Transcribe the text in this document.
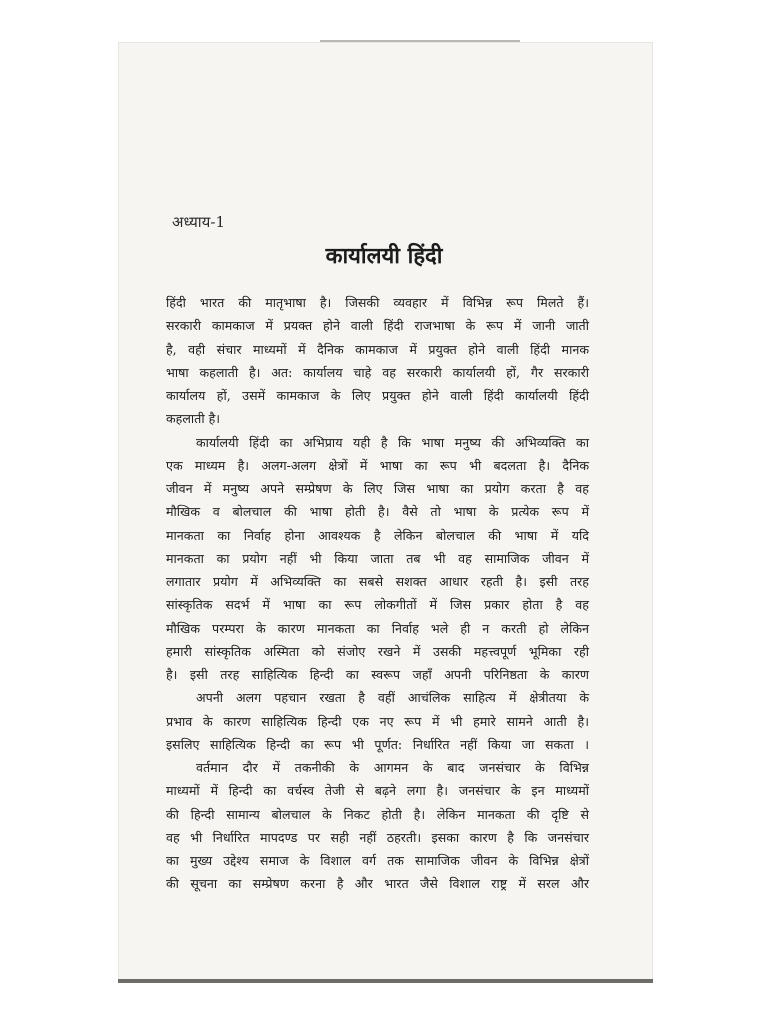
अध्याय-1
कार्यालयी हिंदी
हिंदी भारत की मातृभाषा है। जिसकी व्यवहार में विभिन्न रूप मिलते हैं।
सरकारी कामकाज में प्रयक्त होने वाली हिंदी राजभाषा के रूप में जानी जाती
है, वही संचार माध्यमों में दैनिक कामकाज में प्रयुक्त होने वाली हिंदी मानक
भाषा कहलाती है। अत: कार्यालय चाहे वह सरकारी कार्यालयी हों, गैर सरकारी
कार्यालय हों, उसमें कामकाज के लिए प्रयुक्त होने वाली हिंदी कार्यालयी हिंदी
कहलाती है।
कार्यालयी हिंदी का अभिप्राय यही है कि भाषा मनुष्य की अभिव्यक्ति का
एक माध्यम है। अलग-अलग क्षेत्रों में भाषा का रूप भी बदलता है। दैनिक
जीवन में मनुष्य अपने सम्प्रेषण के लिए जिस भाषा का प्रयोग करता है वह
मौखिक व बोलचाल की भाषा होती है। वैसे तो भाषा के प्रत्येक रूप में
मानकता का निर्वाह होना आवश्यक है लेकिन बोलचाल की भाषा में यदि
मानकता का प्रयोग नहीं भी किया जाता तब भी वह सामाजिक जीवन में
लगातार प्रयोग में अभिव्यक्ति का सबसे सशक्त आधार रहती है। इसी तरह
सांस्कृतिक सदर्भ में भाषा का रूप लोकगीतों में जिस प्रकार होता है वह
मौखिक परम्परा के कारण मानकता का निर्वाह भले ही न करती हो लेकिन
हमारी सांस्कृतिक अस्मिता को संजोए रखने में उसकी महत्त्वपूर्ण भूमिका रही
है। इसी तरह साहित्यिक हिन्दी का स्वरूप जहाँ अपनी परिनिष्ठता के कारण
अपनी अलग पहचान रखता है वहीं आचंलिक साहित्य में क्षेत्रीतया के
प्रभाव के कारण साहित्यिक हिन्दी एक नए रूप में भी हमारे सामने आती है।
इसलिए साहित्यिक हिन्दी का रूप भी पूर्णत: निर्धारित नहीं किया जा सकता ।
वर्तमान दौर में तकनीकी के आगमन के बाद जनसंचार के विभिन्न
माध्यमों में हिन्दी का वर्चस्व तेजी से बढ़ने लगा है। जनसंचार के इन माध्यमों
की हिन्दी सामान्य बोलचाल के निकट होती है। लेकिन मानकता की दृष्टि से
वह भी निर्धारित मापदण्ड पर सही नहीं ठहरती। इसका कारण है कि जनसंचार
का मुख्य उद्देश्य समाज के विशाल वर्ग तक सामाजिक जीवन के विभिन्न क्षेत्रों
की सूचना का सम्प्रेषण करना है और भारत जैसे विशाल राष्ट्र में सरल और
